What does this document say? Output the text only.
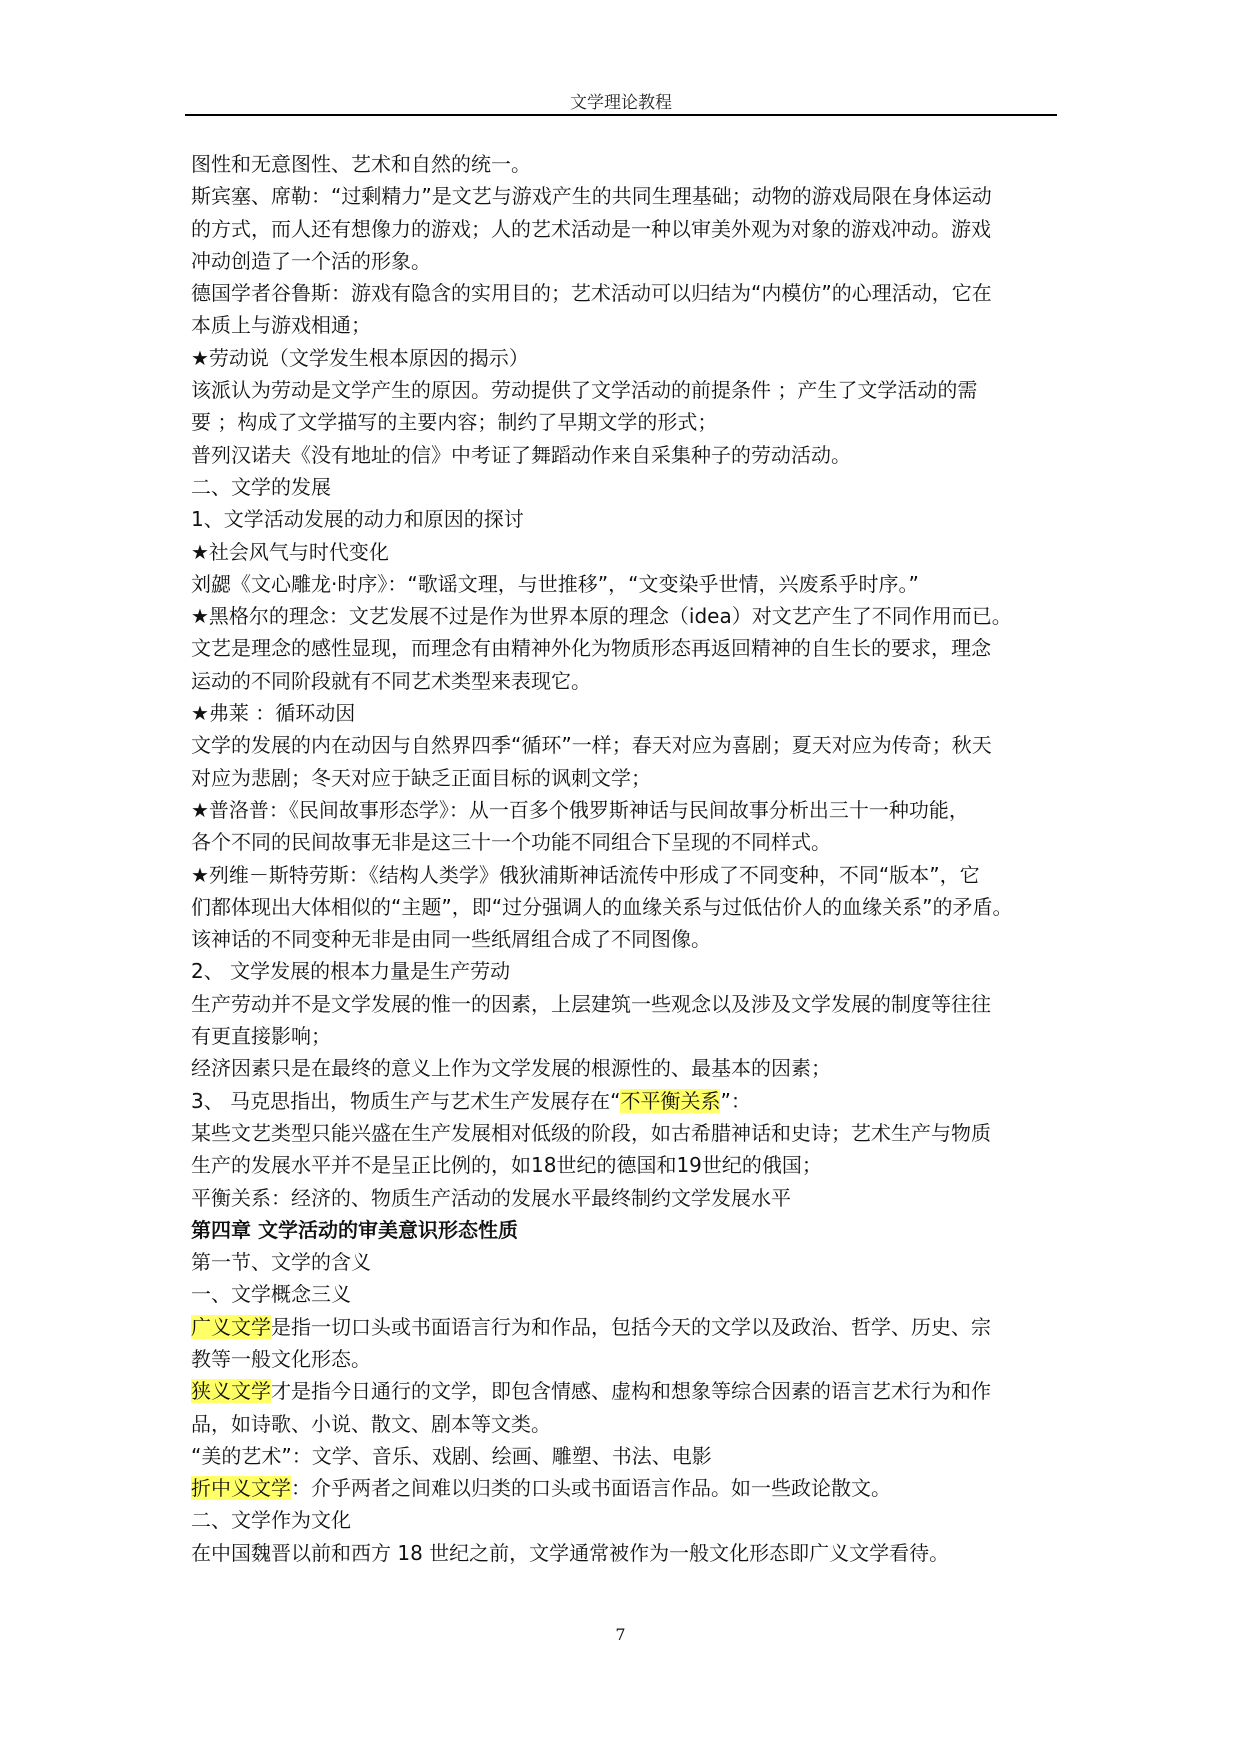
文学理论教程

图性和无意图性、艺术和自然的统一。

斯宾塞、席勒：“过剩精力”是文艺与游戏产生的共同生理基础；动物的游戏局限在身体运动

的方式，而人还有想像力的游戏；人的艺术活动是一种以审美外观为对象的游戏冲动。游戏

冲动创造了一个活的形象。

德国学者谷鲁斯：游戏有隐含的实用目的；艺术活动可以归结为“内模仿”的心理活动，它在

本质上与游戏相通；

★劳动说（文学发生根本原因的揭示）

该派认为劳动是文学产生的原因。劳动提供了文学活动的前提条件 ；产生了文学活动的需

要 ；构成了文学描写的主要内容；制约了早期文学的形式；

普列汉诺夫《没有地址的信》中考证了舞蹈动作来自采集种子的劳动活动。

二、文学的发展

1、文学活动发展的动力和原因的探讨

★社会风气与时代变化

刘勰《文心雕龙·时序》：“歌谣文理，与世推移”，“文变染乎世情，兴废系乎时序。”

★黑格尔的理念：文艺发展不过是作为世界本原的理念（idea）对文艺产生了不同作用而已。

文艺是理念的感性显现，而理念有由精神外化为物质形态再返回精神的自生长的要求，理念

运动的不同阶段就有不同艺术类型来表现它。

★弗莱 ：循环动因

文学的发展的内在动因与自然界四季“循环”一样；春天对应为喜剧；夏天对应为传奇；秋天

对应为悲剧；冬天对应于缺乏正面目标的讽刺文学；

★普洛普：《民间故事形态学》：从一百多个俄罗斯神话与民间故事分析出三十一种功能，

各个不同的民间故事无非是这三十一个功能不同组合下呈现的不同样式。

★列维－斯特劳斯：《结构人类学》俄狄浦斯神话流传中形成了不同变种，不同“版本”，它

们都体现出大体相似的“主题”，即“过分强调人的血缘关系与过低估价人的血缘关系”的矛盾。

该神话的不同变种无非是由同一些纸屑组合成了不同图像。

2、 文学发展的根本力量是生产劳动

生产劳动并不是文学发展的惟一的因素，上层建筑一些观念以及涉及文学发展的制度等往往

有更直接影响；

经济因素只是在最终的意义上作为文学发展的根源性的、最基本的因素；

3、 马克思指出，物质生产与艺术生产发展存在“不平衡关系”：

某些文艺类型只能兴盛在生产发展相对低级的阶段，如古希腊神话和史诗；艺术生产与物质

生产的发展水平并不是呈正比例的，如18世纪的德国和19世纪的俄国；

平衡关系：经济的、物质生产活动的发展水平最终制约文学发展水平

第四章 文学活动的审美意识形态性质

第一节、文学的含义

一、文学概念三义

广义文学是指一切口头或书面语言行为和作品，包括今天的文学以及政治、哲学、历史、宗

教等一般文化形态。

狭义文学才是指今日通行的文学，即包含情感、虚构和想象等综合因素的语言艺术行为和作

品，如诗歌、小说、散文、剧本等文类。

“美的艺术”：文学、音乐、戏剧、绘画、雕塑、书法、电影

折中义文学：介乎两者之间难以归类的口头或书面语言作品。如一些政论散文。

二、文学作为文化

在中国魏晋以前和西方 18 世纪之前，文学通常被作为一般文化形态即广义文学看待。

7
